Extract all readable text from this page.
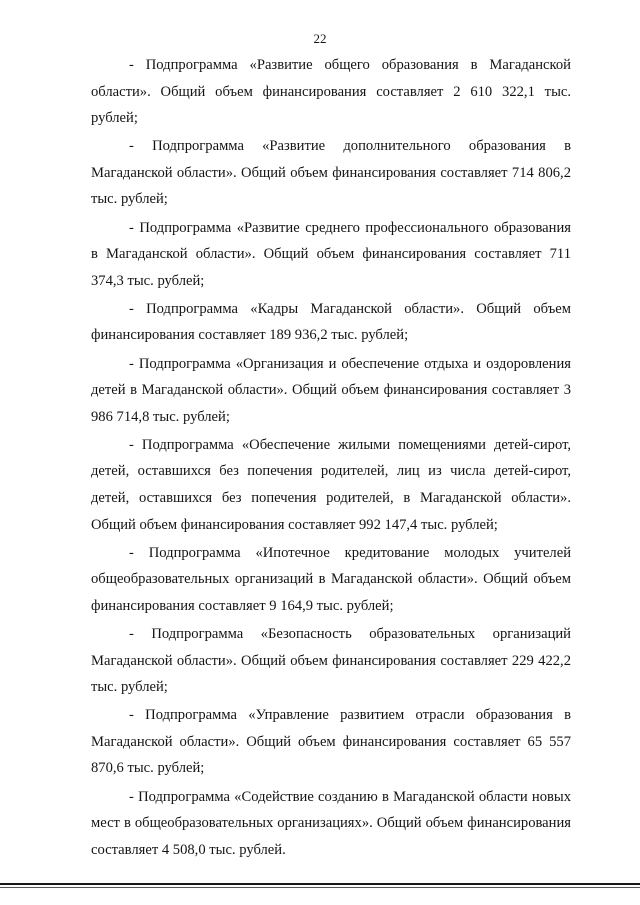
22

- Подпрограмма «Развитие общего образования в Магаданской области». Общий объем финансирования составляет 2 610 322,1 тыс. рублей;

- Подпрограмма «Развитие дополнительного образования в Магаданской области». Общий объем финансирования составляет 714 806,2 тыс. рублей;

- Подпрограмма «Развитие среднего профессионального образования в Магаданской области». Общий объем финансирования составляет 711 374,3 тыс. рублей;

- Подпрограмма «Кадры Магаданской области». Общий объем финансирования составляет 189 936,2 тыс. рублей;

- Подпрограмма «Организация и обеспечение отдыха и оздоровления детей в Магаданской области». Общий объем финансирования составляет 3 986 714,8 тыс. рублей;

- Подпрограмма «Обеспечение жилыми помещениями детей-сирот, детей, оставшихся без попечения родителей, лиц из числа детей-сирот, детей, оставшихся без попечения родителей, в Магаданской области». Общий объем финансирования составляет 992 147,4 тыс. рублей;

- Подпрограмма «Ипотечное кредитование молодых учителей общеобразовательных организаций в Магаданской области». Общий объем финансирования составляет 9 164,9 тыс. рублей;

- Подпрограмма «Безопасность образовательных организаций Магаданской области». Общий объем финансирования составляет 229 422,2 тыс. рублей;

- Подпрограмма «Управление развитием отрасли образования в Магаданской области». Общий объем финансирования составляет 65 557 870,6 тыс. рублей;

- Подпрограмма «Содействие созданию в Магаданской области новых мест в общеобразовательных организациях». Общий объем финансирования составляет 4 508,0 тыс. рублей.
